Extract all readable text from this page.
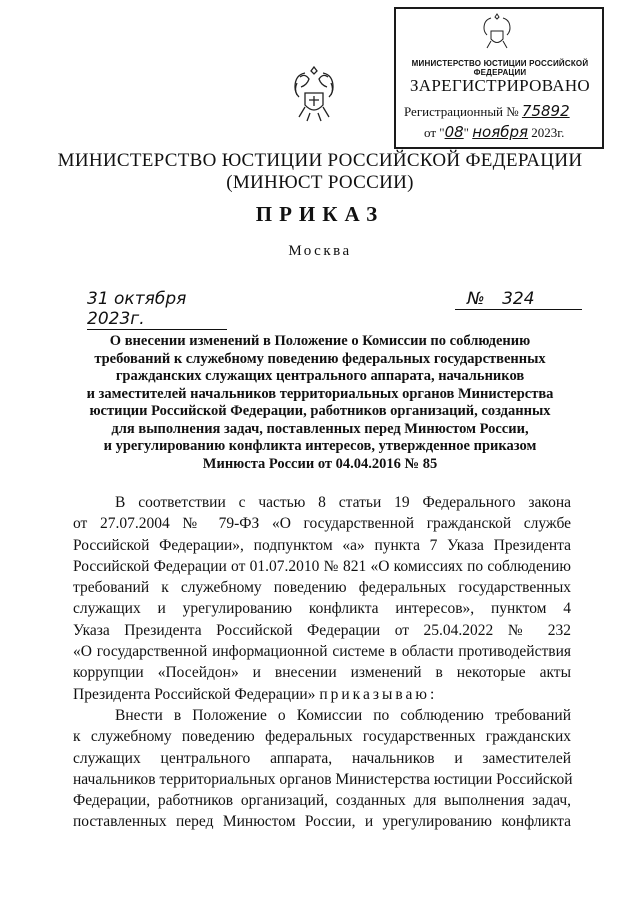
МИНИСТЕРСТВО ЮСТИЦИИ РОССИЙСКОЙ ФЕДЕРАЦИИ
ЗАРЕГИСТРИРОВАНО
Регистрационный № 75892
от "08" ноября 2023г.
МИНИСТЕРСТВО ЮСТИЦИИ РОССИЙСКОЙ ФЕДЕРАЦИИ
(МИНЮСТ РОССИИ)
ПРИКАЗ
Москва
31 октября 2023г.
№ 324
О внесении изменений в Положение о Комиссии по соблюдению
требований к служебному поведению федеральных государственных
гражданских служащих центрального аппарата, начальников
и заместителей начальников территориальных органов Министерства
юстиции Российской Федерации, работников организаций, созданных
для выполнения задач, поставленных перед Минюстом России,
и урегулированию конфликта интересов, утвержденное приказом
Минюста России от 04.04.2016 № 85
В соответствии с частью 8 статьи 19 Федерального закона
от 27.07.2004 № 79-ФЗ «О государственной гражданской службе
Российской Федерации», подпунктом «а» пункта 7 Указа Президента
Российской Федерации от 01.07.2010 № 821 «О комиссиях по соблюдению
требований к служебному поведению федеральных государственных
служащих и урегулированию конфликта интересов», пунктом 4
Указа Президента Российской Федерации от 25.04.2022 № 232
«О государственной информационной системе в области противодействия
коррупции «Посейдон» и внесении изменений в некоторые акты
Президента Российской Федерации» приказываю:
Внести в Положение о Комиссии по соблюдению требований
к служебному поведению федеральных государственных гражданских
служащих центрального аппарата, начальников и заместителей
начальников территориальных органов Министерства юстиции Российской
Федерации, работников организаций, созданных для выполнения задач,
поставленных перед Минюстом России, и урегулированию конфликта
